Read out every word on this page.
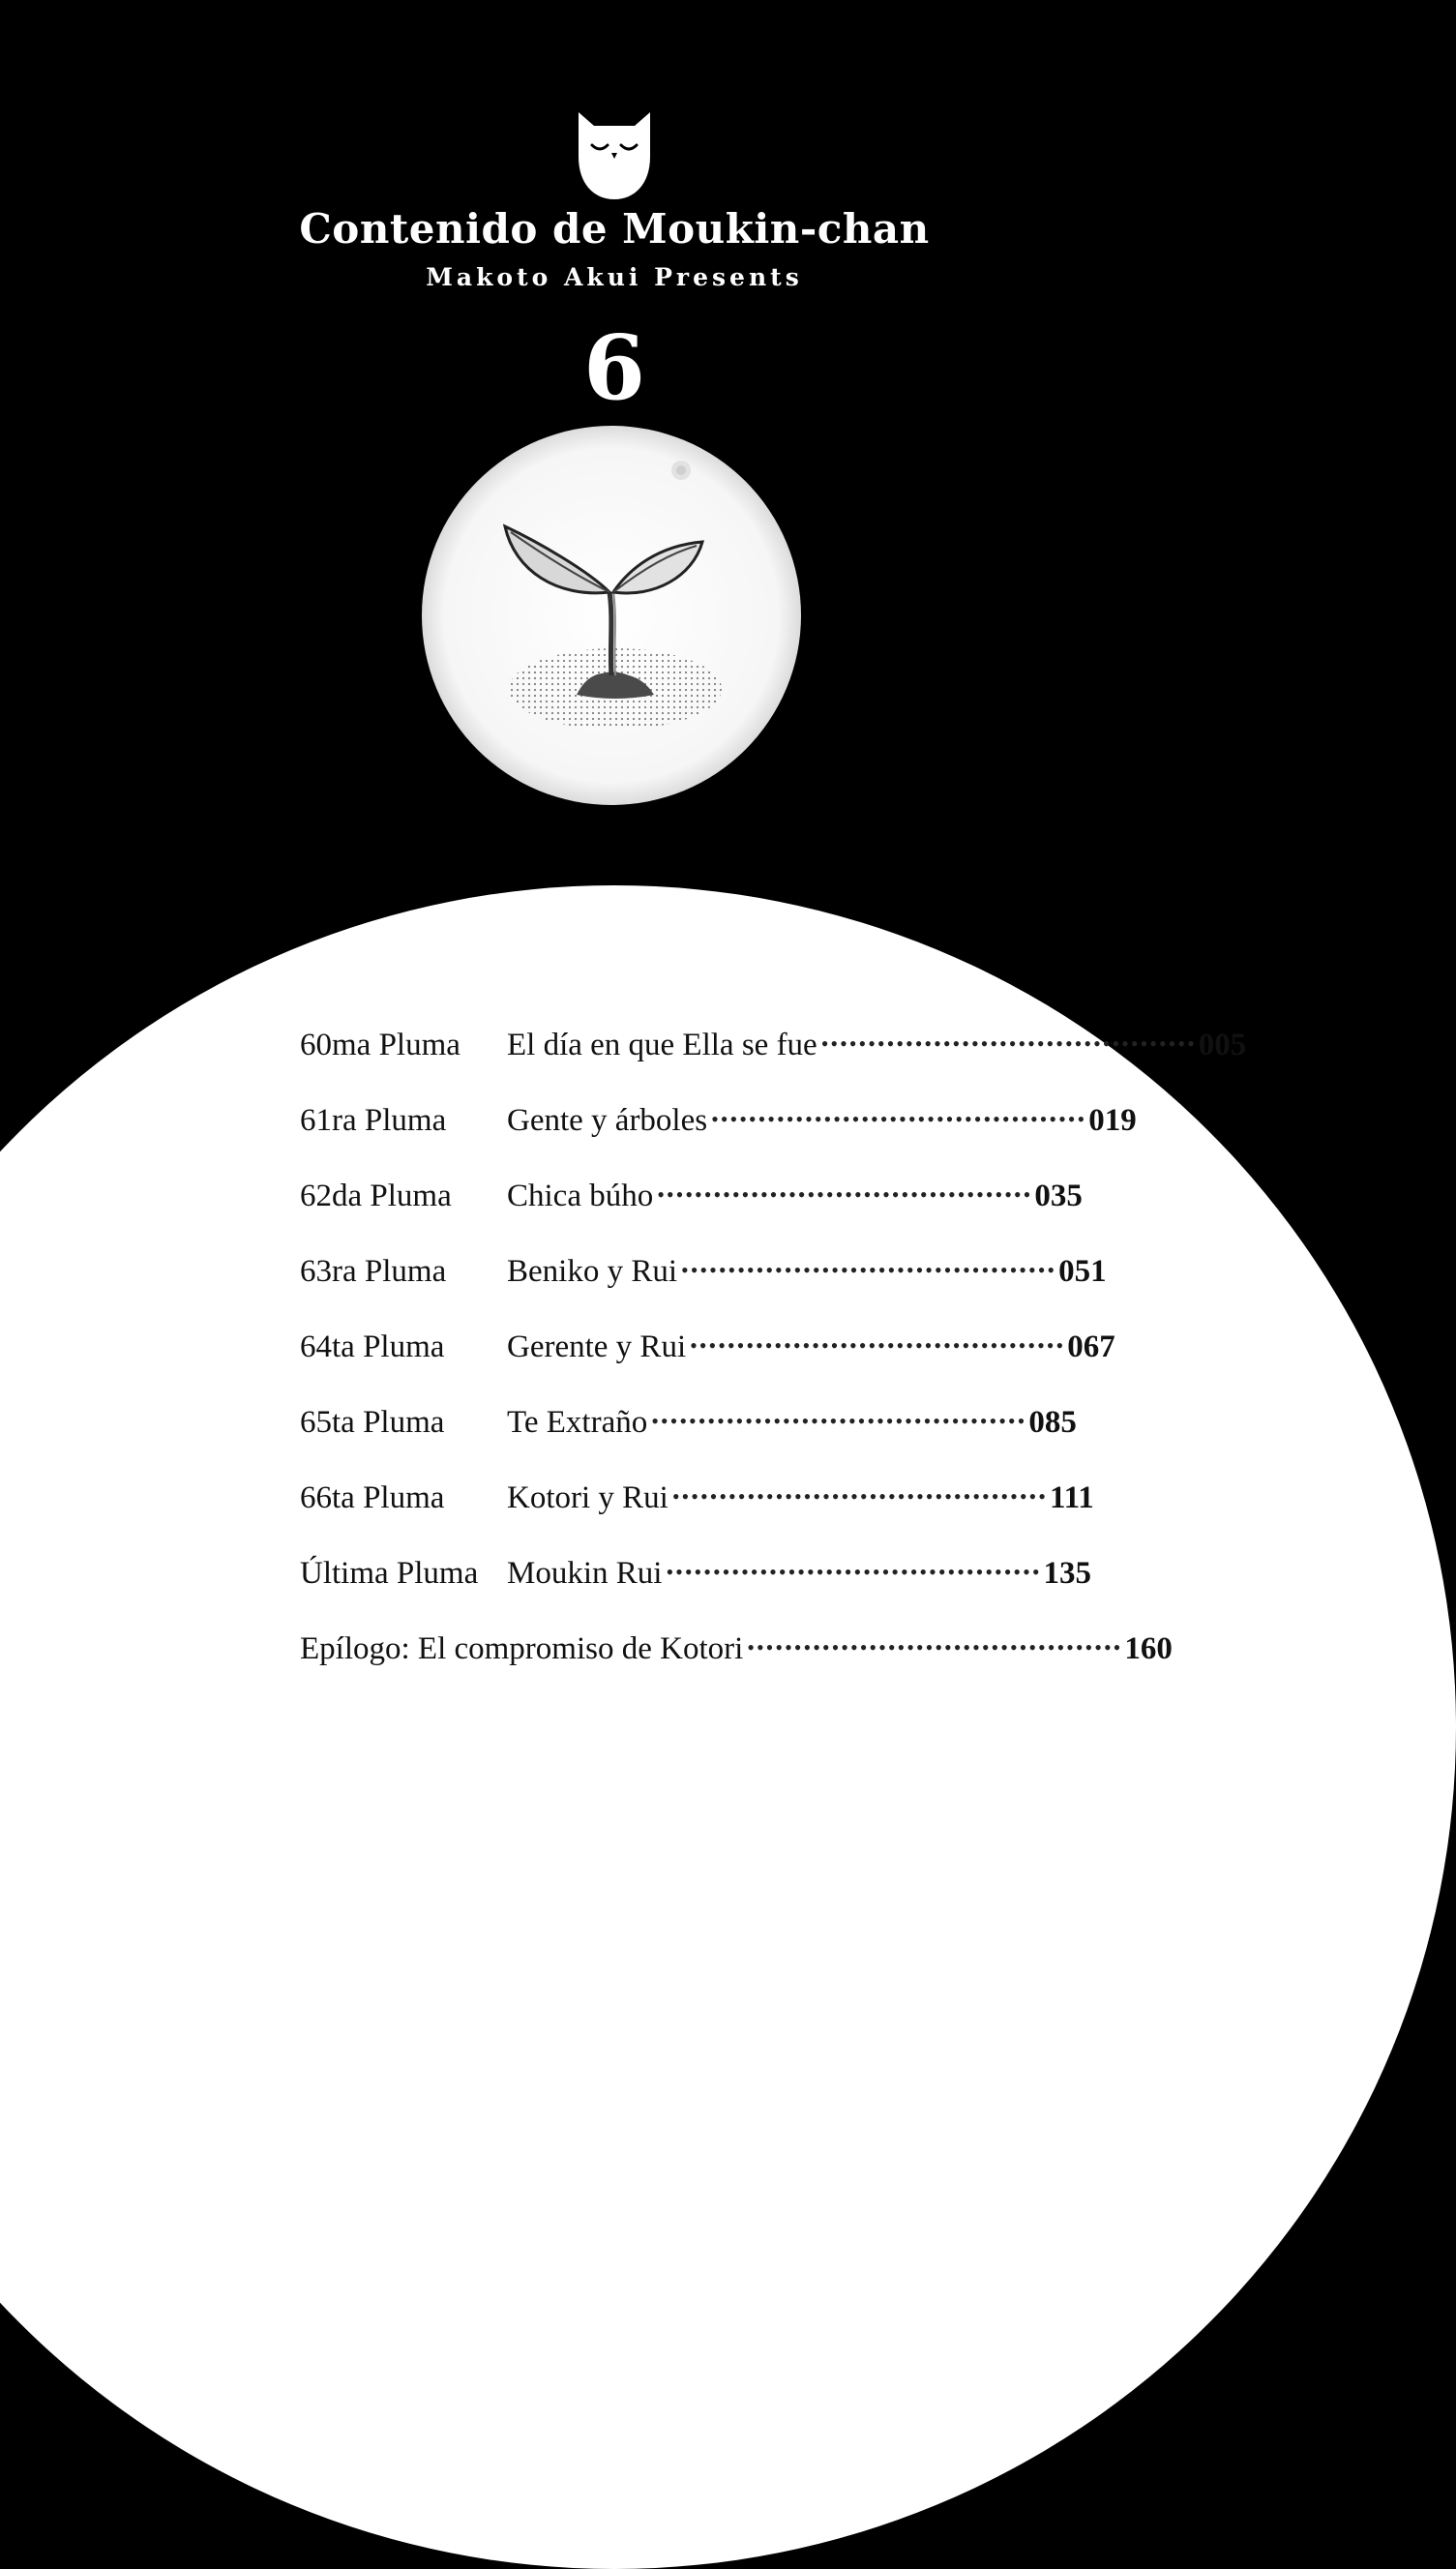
Contenido de Moukin-chan
Makoto Akui Presents
6
60ma Pluma	El día en que Ella se fue •••••••••••••••••••••••••••••••••••••••• 005
61ra Pluma	Gente y árboles •••••••••••••••••••••••••••••••••••••••• 019
62da Pluma	Chica búho •••••••••••••••••••••••••••••••••••••••• 035
63ra Pluma	Beniko y Rui •••••••••••••••••••••••••••••••••••••••• 051
64ta Pluma	Gerente y Rui •••••••••••••••••••••••••••••••••••••••• 067
65ta Pluma	Te Extraño •••••••••••••••••••••••••••••••••••••••• 085
66ta Pluma	Kotori y Rui •••••••••••••••••••••••••••••••••••••••• 111
Última Pluma Moukin Rui •••••••••••••••••••••••••••••••••••••••• 135
Epílogo: El compromiso de Kotori •••••••••••••••••••••••••••••••••••••••• 160
